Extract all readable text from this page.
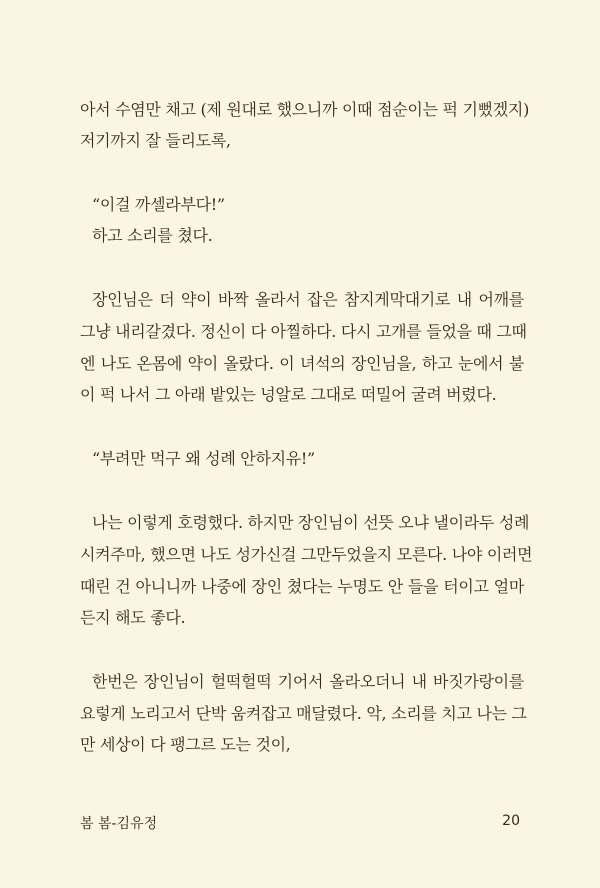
아서 수염만 채고 (제 원대로 했으니까 이때 점순이는 퍽 기뻤겠지)
저기까지 잘 들리도록,
“이걸 까셀라부다!”
하고 소리를 쳤다.
장인님은 더 약이 바짝 올라서 잡은 참지게막대기로 내 어깨를
그냥 내리갈겼다. 정신이 다 아찔하다. 다시 고개를 들었을 때 그때
엔 나도 온몸에 약이 올랐다. 이 녀석의 장인님을, 하고 눈에서 불
이 퍽 나서 그 아래 밭있는 넝알로 그대로 떠밀어 굴려 버렸다.
“부려만 먹구 왜 성례 안하지유!”
나는 이렇게 호령했다. 하지만 장인님이 선뜻 오냐 낼이라두 성례
시켜주마, 했으면 나도 성가신걸 그만두었을지 모른다. 나야 이러면
때린 건 아니니까 나중에 장인 쳤다는 누명도 안 들을 터이고 얼마
든지 해도 좋다.
한번은 장인님이 헐떡헐떡 기어서 올라오더니 내 바짓가랑이를
요렇게 노리고서 단박 움켜잡고 매달렸다. 악, 소리를 치고 나는 그
만 세상이 다 팽그르 도는 것이,
봄 봄-김유정	20
